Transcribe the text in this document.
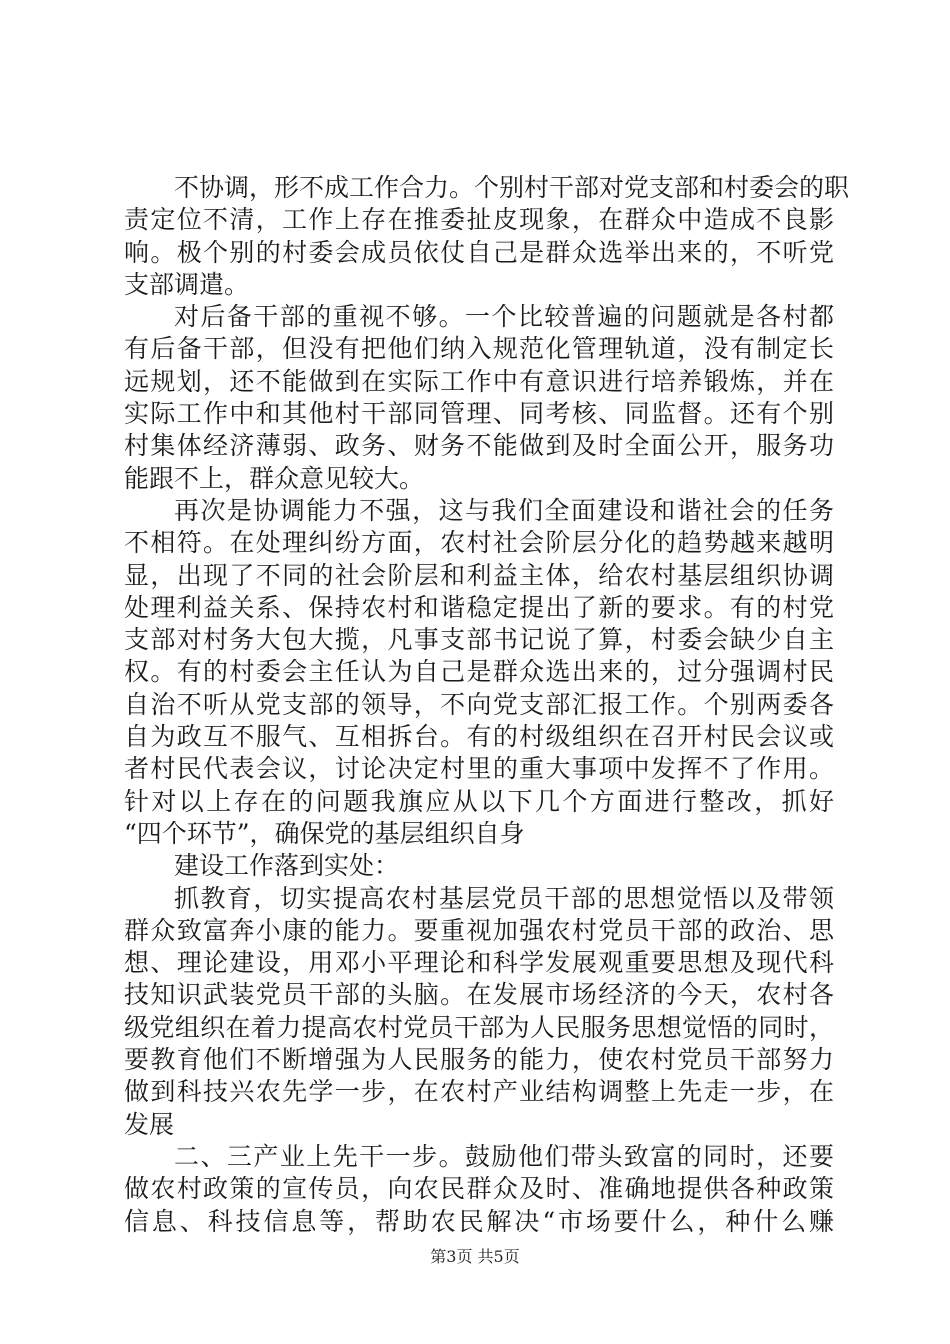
不协调，形不成工作合力。个别村干部对党支部和村委会的职
责定位不清，工作上存在推委扯皮现象，在群众中造成不良影
响。极个别的村委会成员依仗自己是群众选举出来的，不听党
支部调遣。
对后备干部的重视不够。一个比较普遍的问题就是各村都
有后备干部，但没有把他们纳入规范化管理轨道，没有制定长
远规划，还不能做到在实际工作中有意识进行培养锻炼，并在
实际工作中和其他村干部同管理、同考核、同监督。还有个别
村集体经济薄弱、政务、财务不能做到及时全面公开，服务功
能跟不上，群众意见较大。
再次是协调能力不强，这与我们全面建设和谐社会的任务
不相符。在处理纠纷方面，农村社会阶层分化的趋势越来越明
显，出现了不同的社会阶层和利益主体，给农村基层组织协调
处理利益关系、保持农村和谐稳定提出了新的要求。有的村党
支部对村务大包大揽，凡事支部书记说了算，村委会缺少自主
权。有的村委会主任认为自己是群众选出来的，过分强调村民
自治不听从党支部的领导，不向党支部汇报工作。个别两委各
自为政互不服气、互相拆台。有的村级组织在召开村民会议或
者村民代表会议，讨论决定村里的重大事项中发挥不了作用。
针对以上存在的问题我旗应从以下几个方面进行整改，抓好
“四个环节”，确保党的基层组织自身
建设工作落到实处：
抓教育，切实提高农村基层党员干部的思想觉悟以及带领
群众致富奔小康的能力。要重视加强农村党员干部的政治、思
想、理论建设，用邓小平理论和科学发展观重要思想及现代科
技知识武装党员干部的头脑。在发展市场经济的今天，农村各
级党组织在着力提高农村党员干部为人民服务思想觉悟的同时，
要教育他们不断增强为人民服务的能力，使农村党员干部努力
做到科技兴农先学一步，在农村产业结构调整上先走一步，在
发展
二、三产业上先干一步。鼓励他们带头致富的同时，还要
做农村政策的宣传员，向农民群众及时、准确地提供各种政策
信息、科技信息等，帮助农民解决“市场要什么，种什么赚
第3页 共5页
